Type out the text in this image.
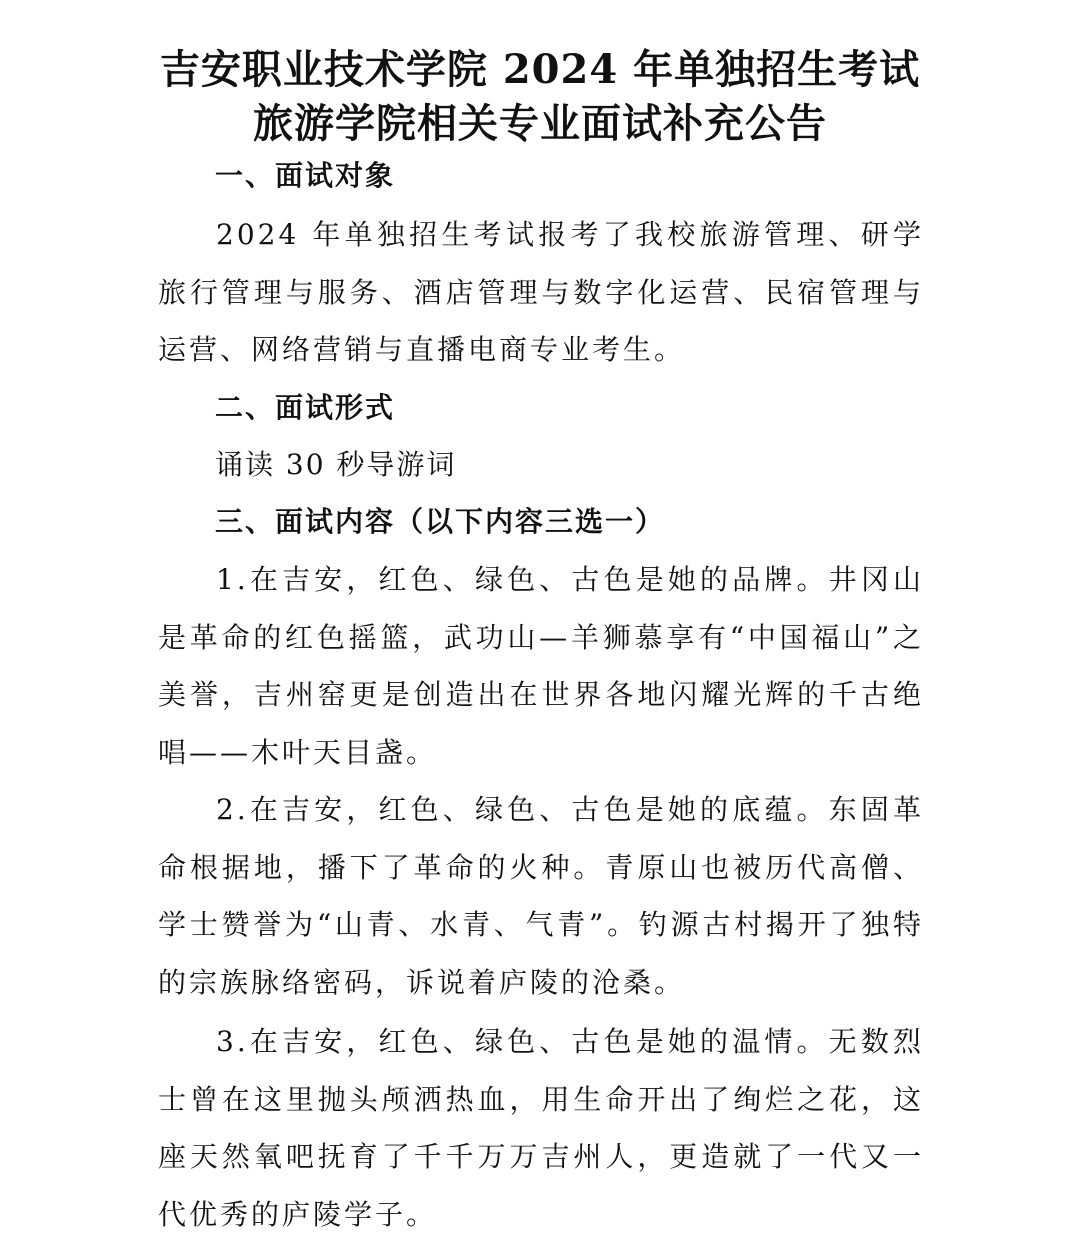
吉安职业技术学院 2024 年单独招生考试
旅游学院相关专业面试补充公告
一、面试对象

2024 年单独招生考试报考了我校旅游管理、研学旅行管理与服务、酒店管理与数字化运营、民宿管理与运营、网络营销与直播电商专业考生。

二、面试形式
诵读 30 秒导游词
三、面试内容（以下内容三选一）

1.在吉安，红色、绿色、古色是她的品牌。井冈山是革命的红色摇篮，武功山—羊狮慕享有“中国福山”之美誉，吉州窑更是创造出在世界各地闪耀光辉的千古绝唱——木叶天目盏。

2.在吉安，红色、绿色、古色是她的底蕴。东固革命根据地，播下了革命的火种。青原山也被历代高僧、学士赞誉为“山青、水青、气青”。钓源古村揭开了独特的宗族脉络密码，诉说着庐陵的沧桑。

3.在吉安，红色、绿色、古色是她的温情。无数烈士曾在这里抛头颅洒热血，用生命开出了绚烂之花，这座天然氧吧抚育了千千万万吉州人，更造就了一代又一代优秀的庐陵学子。
